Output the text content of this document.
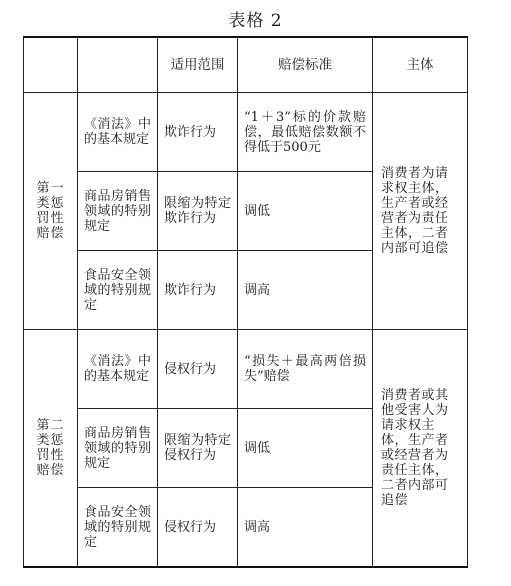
表格 2
		适用范围	赔偿标准	主体
第一类惩罚性赔偿	《消法》中的基本规定	欺诈行为	“1＋3”标的价款赔偿，最低赔偿数额不得低于500元	消费者为请求权主体，生产者或经营者为责任主体，二者内部可追偿
	商品房销售领域的特别规定	限缩为特定欺诈行为	调低	
	食品安全领域的特别规定	欺诈行为	调高	
第二类惩罚性赔偿	《消法》中的基本规定	侵权行为	“损失＋最高两倍损失”赔偿	消费者或其他受害人为请求权主体，生产者或经营者为责任主体，二者内部可追偿
	商品房销售领域的特别规定	限缩为特定侵权行为	调低	
	食品安全领域的特别规定	侵权行为	调高	
